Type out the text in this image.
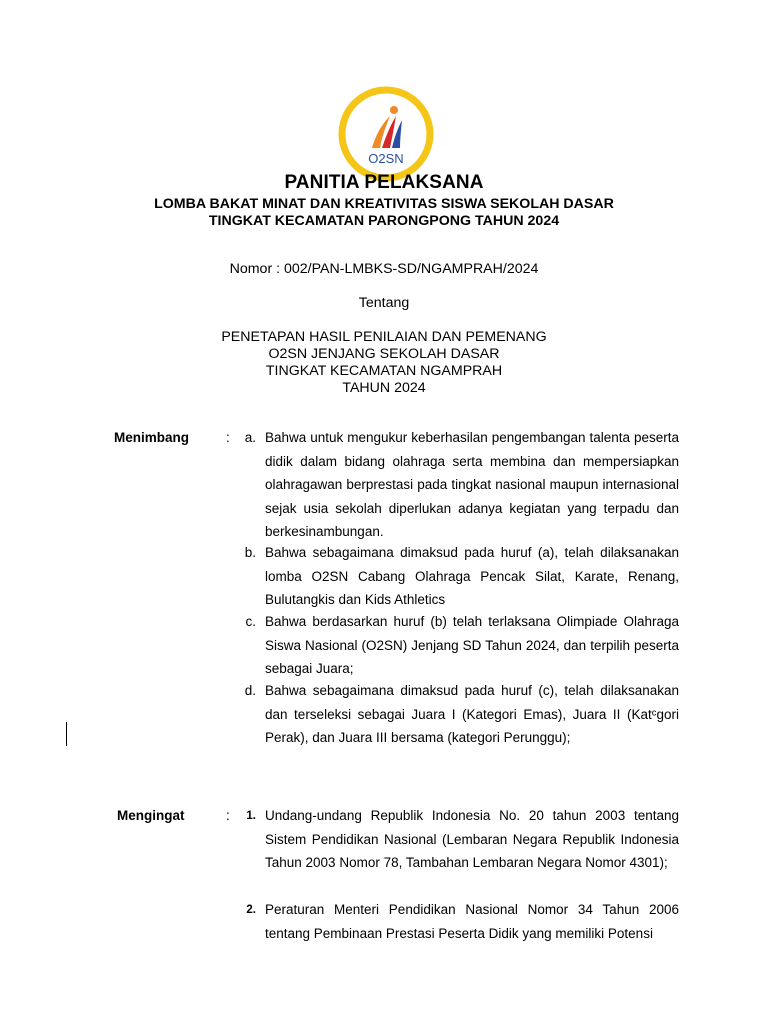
O2SN
PANITIA PELAKSANA
LOMBA BAKAT MINAT DAN KREATIVITAS SISWA SEKOLAH DASAR
TINGKAT KECAMATAN PARONGPONG TAHUN 2024
Nomor : 002/PAN-LMBKS-SD/NGAMPRAH/2024
Tentang
PENETAPAN HASIL PENILAIAN DAN PEMENANG
O2SN JENJANG SEKOLAH DASAR
TINGKAT KECAMATAN NGAMPRAH
TAHUN 2024
Menimbang	:	a. Bahwa untuk mengukur keberhasilan pengembangan talenta peserta didik dalam bidang olahraga serta membina dan mempersiapkan olahragawan berprestasi pada tingkat nasional maupun internasional sejak usia sekolah diperlukan adanya kegiatan yang terpadu dan berkesinambungan.
b. Bahwa sebagaimana dimaksud pada huruf (a), telah dilaksanakan lomba O2SN Cabang Olahraga Pencak Silat, Karate, Renang, Bulutangkis dan Kids Athletics
c. Bahwa berdasarkan huruf (b) telah terlaksana Olimpiade Olahraga Siswa Nasional (O2SN) Jenjang SD Tahun 2024, dan terpilih peserta sebagai Juara;
d. Bahwa sebagaimana dimaksud pada huruf (c), telah dilaksanakan dan terseleksi sebagai Juara I (Kategori Emas), Juara II (Katᶜgori Perak), dan Juara III bersama (kategori Perunggu);
Mengingat	:	1. Undang-undang Republik Indonesia No. 20 tahun 2003 tentang Sistem Pendidikan Nasional (Lembaran Negara Republik Indonesia Tahun 2003 Nomor 78, Tambahan Lembaran Negara Nomor 4301);
2. Peraturan Menteri Pendidikan Nasional Nomor 34 Tahun 2006 tentang Pembinaan Prestasi Peserta Didik yang memiliki Potensi
